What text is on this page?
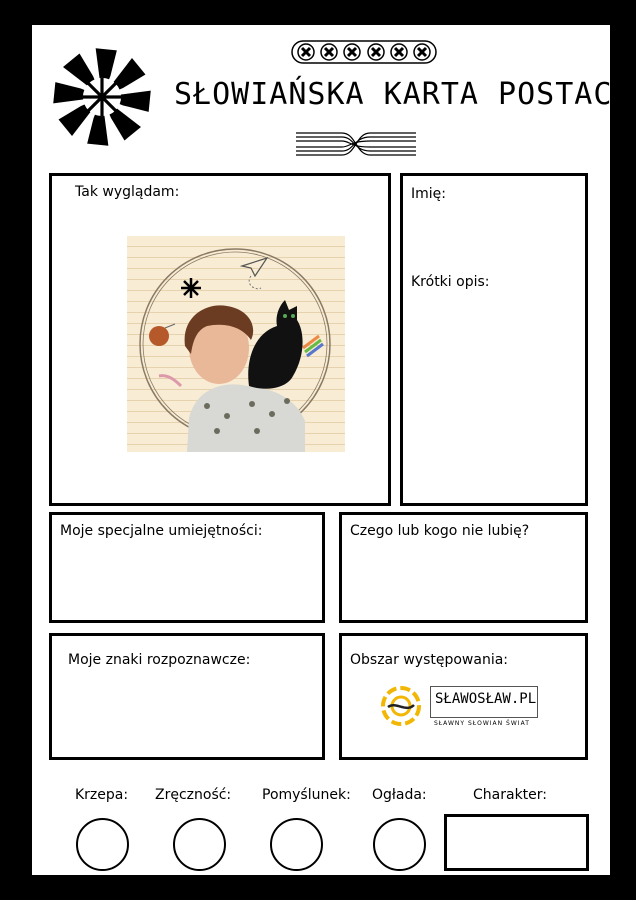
SŁOWIAŃSKA KARTA POSTACI
Tak wyglądam:	Imię:
Krótki opis:
Moje specjalne umiejętności:	Czego lub kogo nie lubię?
Moje znaki rozpoznawcze:	Obszar występowania:
SŁAWOSŁAW.PL
SŁAWNY SŁOWIAN ŚWIAT
Krzepa: Zręczność: Pomyślunek: Ogłada:	Charakter:
